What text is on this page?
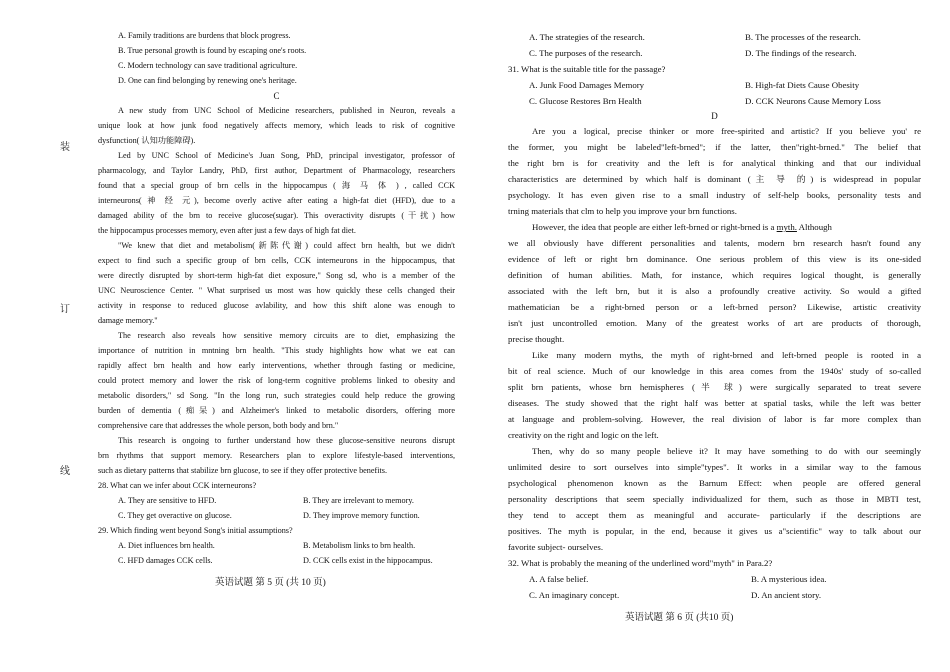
装
订
线
A. Family traditions are burdens that block progress.
B. True personal growth is found by escaping one's roots.
C. Modern technology can save traditional agriculture.
D. One can find belonging by renewing one's heritage.
C
A new study from UNC School of Medicine researchers, published in Neuron, reveals a
unique look at how junk food negatively affects memory, which leads to risk of cognitive
dysfunction( 认知功能障碍).
Led by UNC School of Medicine's Juan Song, PhD, principal investigator, professor of
pharmacology, and Taylor Landry, PhD, first author, Department of Pharmacology, researchers
found that a special group of brn cells in the hippocampus ( 海 马 体 ) , called CCK
interneurons( 神 经 元), become overly active after eating a high-fat diet (HFD), due to a
damaged ability of the brn to receive glucose(sugar). This overactivity disrupts (干扰) how
the hippocampus processes memory, even after just a few days of high fat diet.
"We knew that diet and metabolism(新陈代谢) could affect brn health, but we didn't
expect to find such a specific group of brn cells, CCK interneurons in the hippocampus, that
were directly disrupted by short-term high-fat diet exposure," Song sd, who is a member of the
UNC Neuroscience Center. " What surprised us most was how quickly these cells changed their
activity in response to reduced glucose avlability, and how this shift alone was enough to
damage memory."
The research also reveals how sensitive memory circuits are to diet, emphasizing the
importance of nutrition in mntning brn health. "This study highlights how what we eat can
rapidly affect brn health and how early interventions, whether through fasting or medicine,
could protect memory and lower the risk of long-term cognitive problems linked to obesity and
metabolic disorders," sd Song. "In the long run, such strategies could help reduce the growing
burden of dementia (痴呆) and Alzheimer's linked to metabolic disorders, offering more
comprehensive care that addresses the whole person, both body and brn."
This research is ongoing to further understand how these glucose-sensitive neurons disrupt
brn rhythms that support memory. Researchers plan to explore lifestyle-based interventions,
such as dietary patterns that stabilize brn glucose, to see if they offer protective benefits.
28. What can we infer about CCK interneurons?
A. They are sensitive to HFD.	B. They are irrelevant to memory.
C. They get overactive on glucose.	D. They improve memory function.
29. Which finding went beyond Song's initial assumptions?
A. Diet influences brn health.	B. Metabolism links to brn health.
C. HFD damages CCK cells.	D. CCK cells exist in the hippocampus.
英语试题 第 5 页 (共 10 页)
A. The strategies of the research.	B. The processes of the research.
C. The purposes of the research.	D. The findings of the research.
31. What is the suitable title for the passage?
A. Junk Food Damages Memory	B. High-fat Diets Cause Obesity
C. Glucose Restores Brn Health	D. CCK Neurons Cause Memory Loss
D
Are you a logical, precise thinker or more free-spirited and artistic? If you believe you' re
the former, you might be labeled"left-brned"; if the latter, then"right-brned." The belief that
the right brn is for creativity and the left is for analytical thinking and that our individual
characteristics are determined by which half is dominant (主 导 的) is widespread in popular
psychology. It has even given rise to a small industry of self-help books, personality tests and
trning materials that clm to help you improve your brn functions.
However, the idea that people are either left-brned or right-brned is a myth. Although
we all obviously have different personalities and talents, modern brn research hasn't found any
evidence of left or right brn dominance. One serious problem of this view is its one-sided
definition of human abilities. Math, for instance, which requires logical thought, is generally
associated with the left brn, but it is also a profoundly creative activity. So would a gifted
mathematician be a right-brned person or a left-brned person? Likewise, artistic creativity
isn't just uncontrolled emotion. Many of the greatest works of art are products of thorough,
precise thought.
Like many modern myths, the myth of right-brned and left-brned people is rooted in a
bit of real science. Much of our knowledge in this area comes from the 1940s' study of so-called
split brn patients, whose brn hemispheres (半 球) were surgically separated to treat severe
diseases. The study showed that the right half was better at spatial tasks, while the left was better
at language and problem-solving. However, the real division of labor is far more complex than
creativity on the right and logic on the left.
Then, why do so many people believe it? It may have something to do with our seemingly
unlimited desire to sort ourselves into simple"types". It works in a similar way to the famous
psychological phenomenon known as the Barnum Effect: when people are offered general
personality descriptions that seem specially individualized for them, such as those in MBTI test,
they tend to accept them as meaningful and accurate- particularly if the descriptions are
positives. The myth is popular, in the end, because it gives us a"scientific" way to talk about our
favorite subject- ourselves.
32. What is probably the meaning of the underlined word"myth" in Para.2?
A. A false belief.	B. A mysterious idea.
C. An imaginary concept.	D. An ancient story.
英语试题 第 6 页 (共10 页)
